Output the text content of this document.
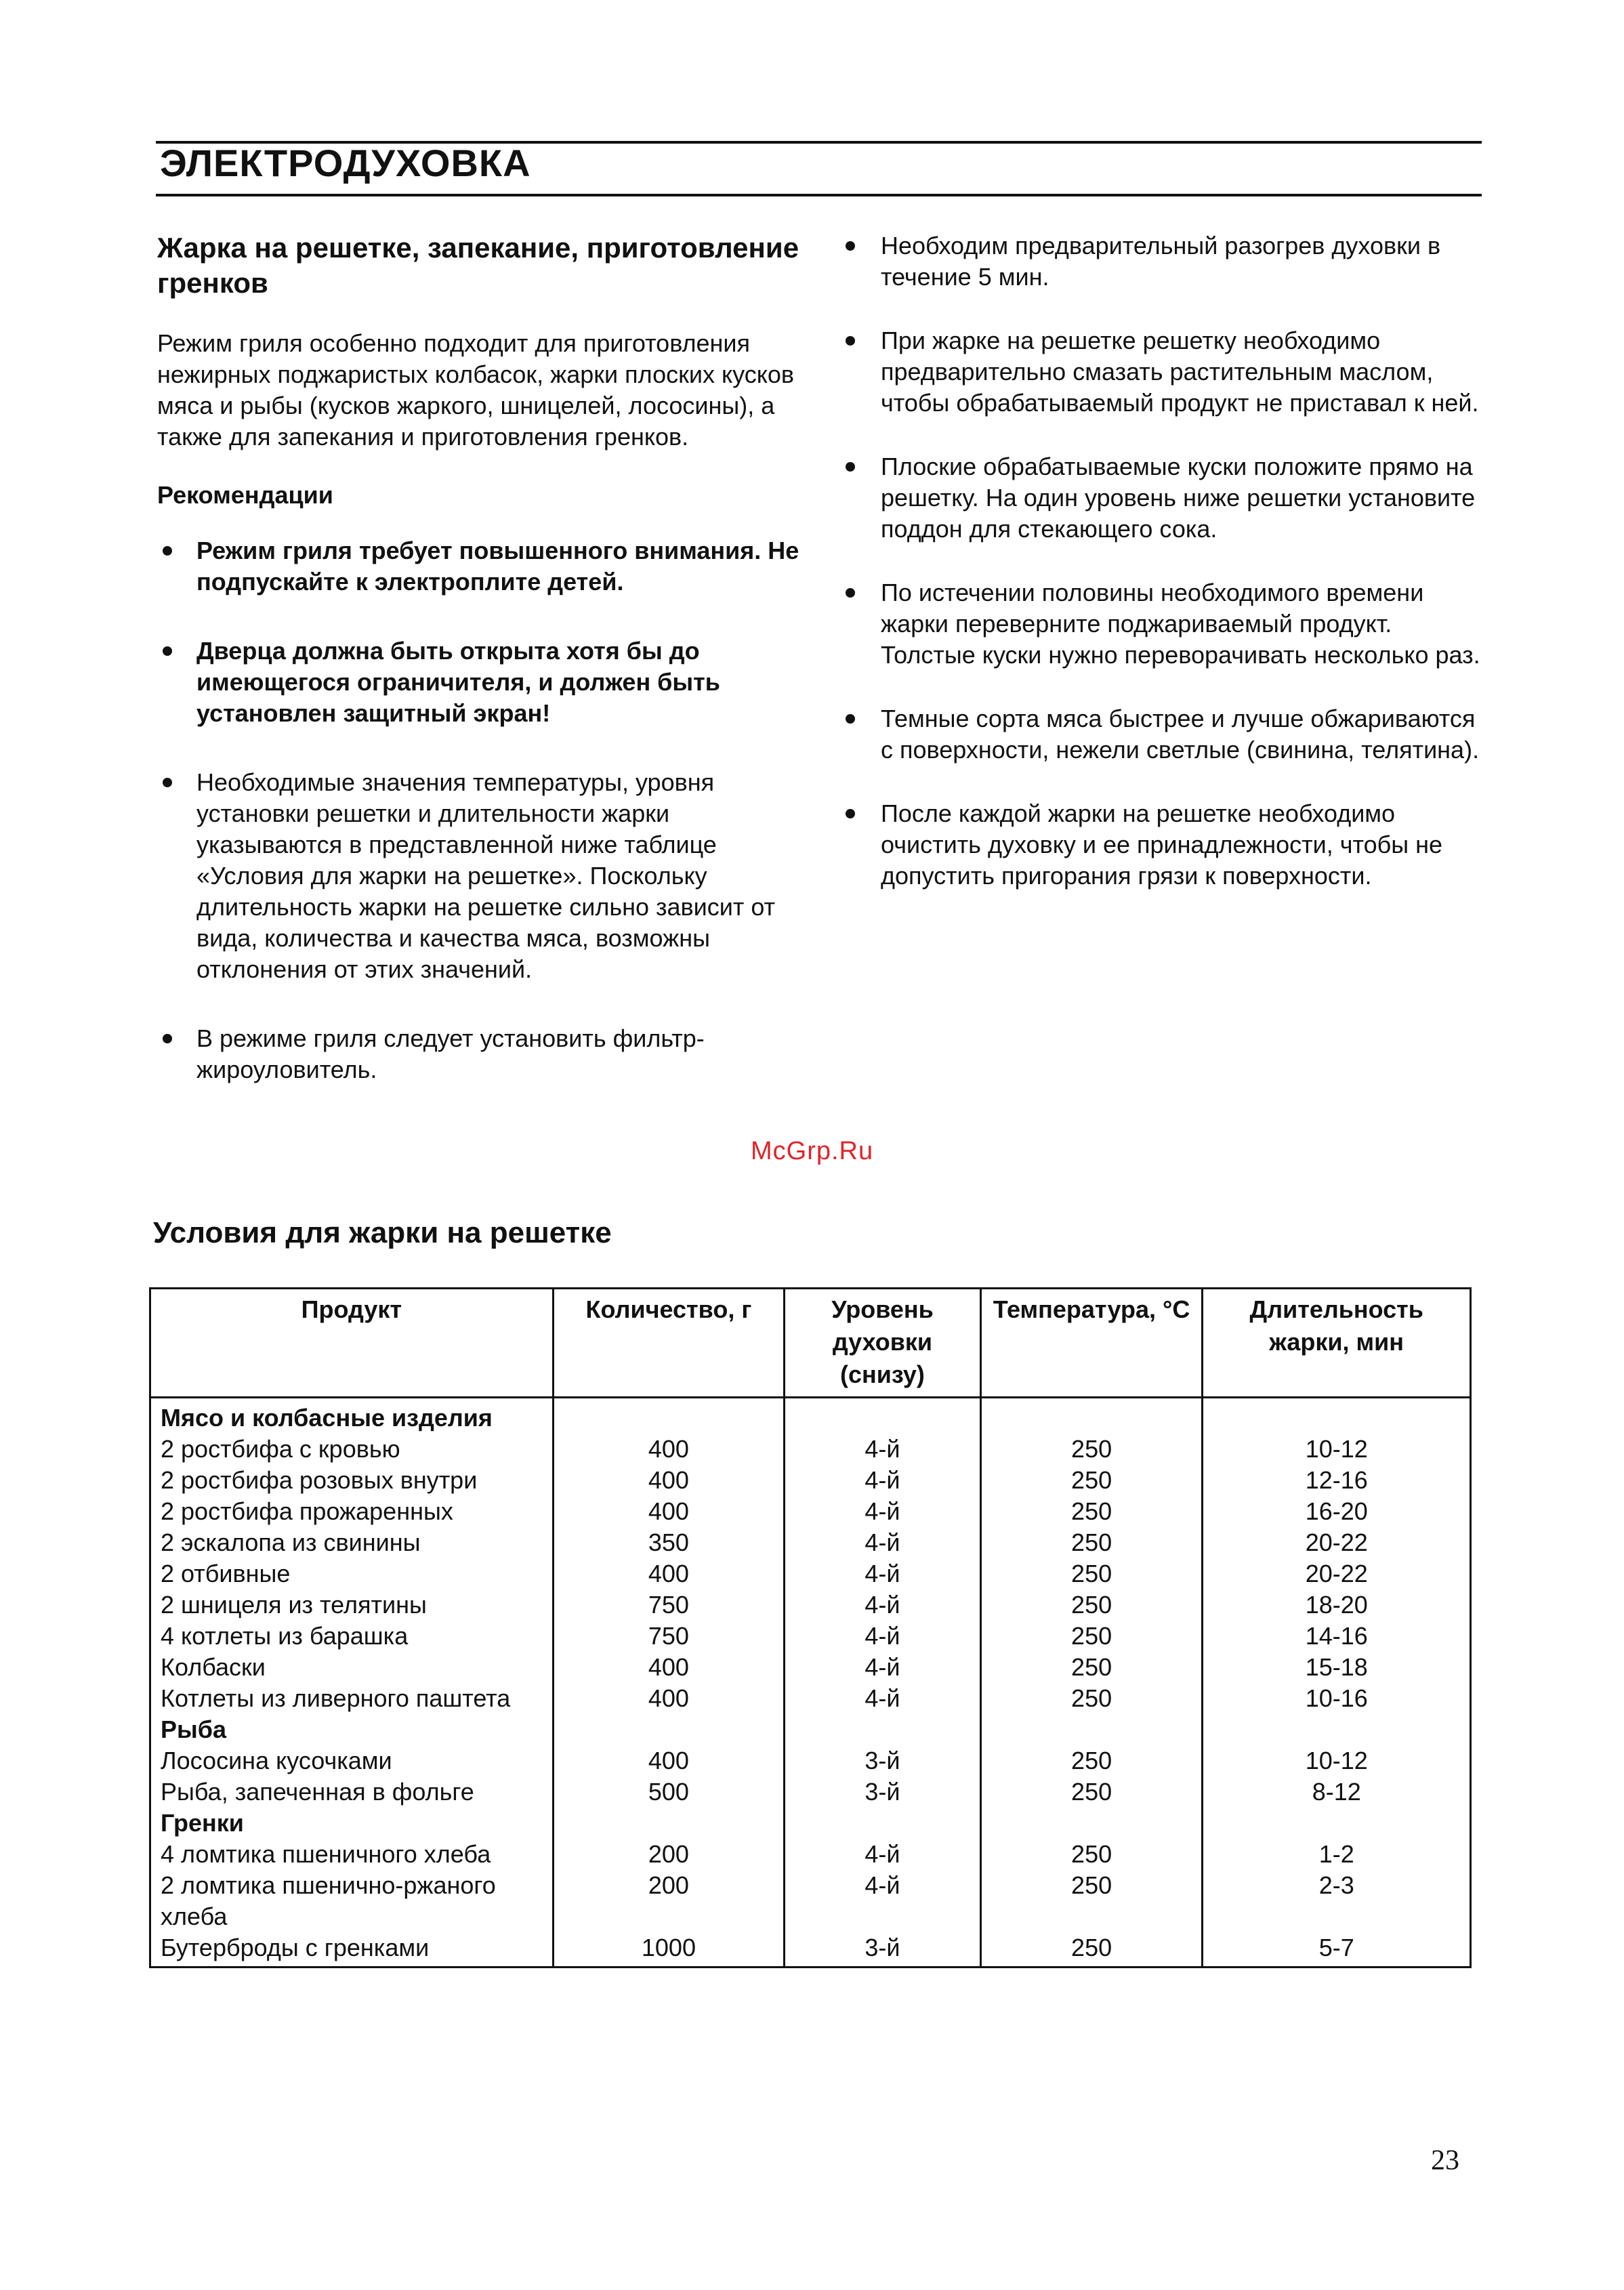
ЭЛЕКТРОДУХОВКА
Жарка на решетке, запекание, приготовление гренков

Режим гриля особенно подходит для приготовления нежирных поджаристых колбасок, жарки плоских кусков мяса и рыбы (кусков жаркого, шницелей, лососины), а также для запекания и приготовления гренков.

Рекомендации

Режим гриля требует повышенного внимания. Не подпускайте к электроплите детей.
Дверца должна быть открыта хотя бы до имеющегося ограничителя, и должен быть установлен защитный экран!
Необходимые значения температуры, уровня установки решетки и длительности жарки указываются в представленной ниже таблице «Условия для жарки на решетке». Поскольку длительность жарки на решетке сильно зависит от вида, количества и качества мяса, возможны отклонения от этих значений.
В режиме гриля следует установить фильтр-жироуловитель.
Необходим предварительный разогрев духовки в течение 5 мин.
При жарке на решетке решетку необходимо предварительно смазать растительным маслом, чтобы обрабатываемый продукт не приставал к ней.
Плоские обрабатываемые куски положите прямо на решетку. На один уровень ниже решетки установите поддон для стекающего сока.
По истечении половины необходимого времени жарки переверните поджариваемый продукт. Толстые куски нужно переворачивать несколько раз.
Темные сорта мяса быстрее и лучше обжариваются с поверхности, нежели светлые (свинина, телятина).
После каждой жарки на решетке необходимо очистить духовку и ее принадлежности, чтобы не допустить пригорания грязи к поверхности.
McGrp.Ru
Условия для жарки на решетке
Продукт	Количество, г	Уровень духовки (снизу)	Температура, °С	Длительность жарки, мин
Мясо и колбасные изделия				
2 ростбифа с кровью	400	4-й	250	10-12
2 ростбифа розовых внутри	400	4-й	250	12-16
2 ростбифа прожаренных	400	4-й	250	16-20
2 эскалопа из свинины	350	4-й	250	20-22
2 отбивные	400	4-й	250	20-22
2 шницеля из телятины	750	4-й	250	18-20
4 котлеты из барашка	750	4-й	250	14-16
Колбаски	400	4-й	250	15-18
Котлеты из ливерного паштета	400	4-й	250	10-16
Рыба				
Лососина кусочками	400	3-й	250	10-12
Рыба, запеченная в фольге	500	3-й	250	8-12
Гренки				
4 ломтика пшеничного хлеба	200	4-й	250	1-2
2 ломтика пшенично-ржаного хлеба	200	4-й	250	2-3
Бутерброды с гренками	1000	3-й	250	5-7
23
